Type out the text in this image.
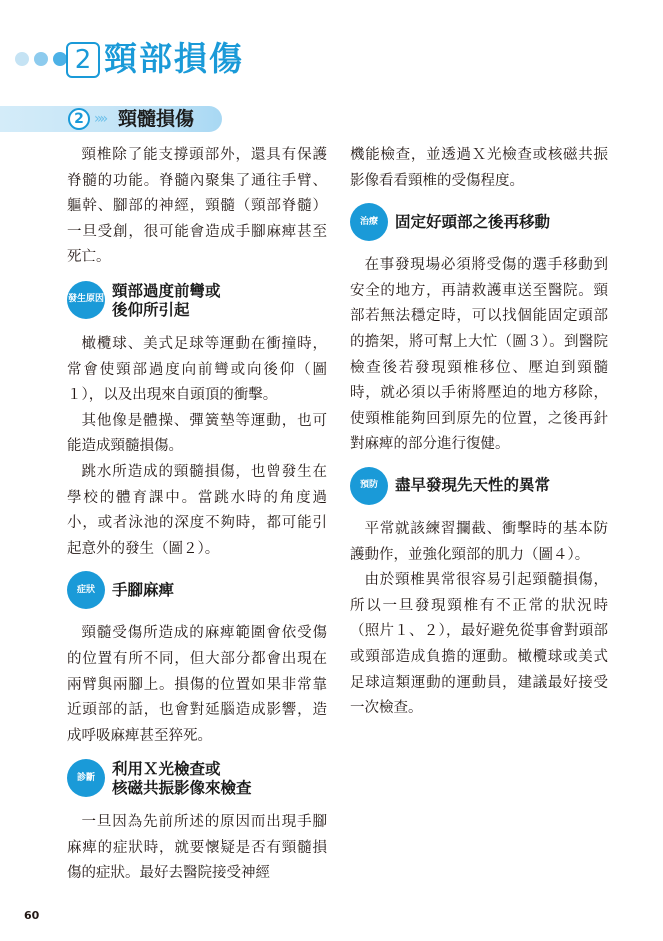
2 頸部損傷
2 »» 頸髓損傷

頸椎除了能支撐頭部外，還具有保護脊髓的功能。脊髓內聚集了通往手臂、軀幹、腳部的神經，頸髓（頸部脊髓）一旦受創，很可能會造成手腳麻痺甚至死亡。

發生原因 頸部過度前彎或
後仰所引起

橄欖球、美式足球等運動在衝撞時，常會使頸部過度向前彎或向後仰（圖１），以及出現來自頭頂的衝擊。

其他像是體操、彈簧墊等運動，也可能造成頸髓損傷。

跳水所造成的頸髓損傷，也曾發生在學校的體育課中。當跳水時的角度過小，或者泳池的深度不夠時，都可能引起意外的發生（圖２）。

症狀	手腳麻痺

頸髓受傷所造成的麻痺範圍會依受傷的位置有所不同，但大部分都會出現在兩臂與兩腳上。損傷的位置如果非常靠近頭部的話，也會對延腦造成影響，造成呼吸麻痺甚至猝死。

診斷	利用Ｘ光檢查或
核磁共振影像來檢查

一旦因為先前所述的原因而出現手腳麻痺的症狀時，就要懷疑是否有頸髓損傷的症狀。最好去醫院接受神經

機能檢查，並透過Ｘ光檢查或核磁共振影像看看頸椎的受傷程度。

治療	固定好頭部之後再移動

在事發現場必須將受傷的選手移動到安全的地方，再請救護車送至醫院。頸部若無法穩定時，可以找個能固定頭部的擔架，將可幫上大忙（圖３）。到醫院檢查後若發現頸椎移位、壓迫到頸髓時，就必須以手術將壓迫的地方移除，使頸椎能夠回到原先的位置，之後再針對麻痺的部分進行復健。

預防	盡早發現先天性的異常

平常就該練習攔截、衝擊時的基本防護動作，並強化頸部的肌力（圖４）。

由於頸椎異常很容易引起頸髓損傷，所以一旦發現頸椎有不正常的狀況時（照片１、２），最好避免從事會對頭部或頸部造成負擔的運動。橄欖球或美式足球這類運動的運動員，建議最好接受一次檢查。

60
